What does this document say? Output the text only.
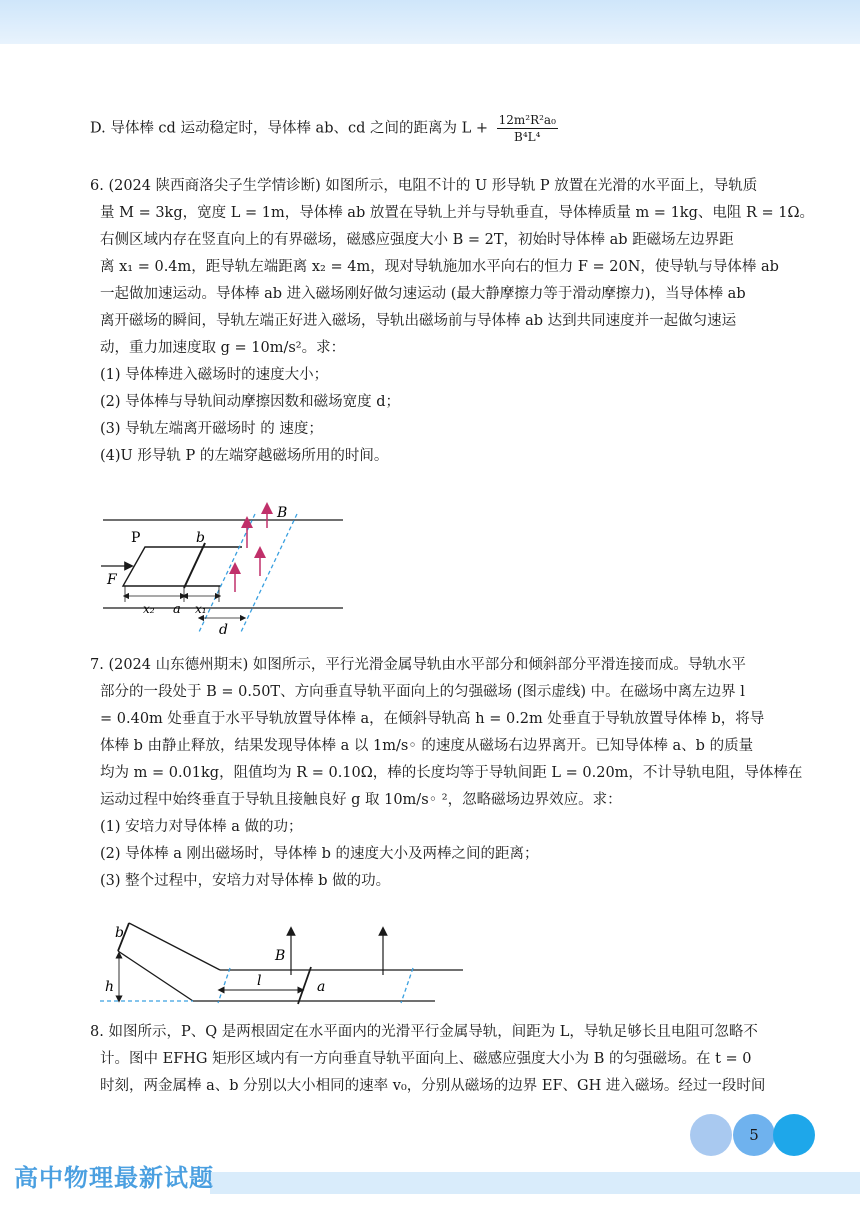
D. 导体棒 cd 运动稳定时，导体棒 ab、cd 之间的距离为 $L + \frac{\text{12m²R²a₀}}{\text{B⁴L⁴}}$
6. (2024 陕西商洛尖子生学情诊断) 如图所示，电阻不计的 U 形导轨 P 放置在光滑的水平面上，导轨质
量 M = 3kg，宽度 L = 1m，导体棒 ab 放置在导轨上并与导轨垂直，导体棒质量 m = 1kg、电阻 R = 1Ω。
右侧区域内存在竖直向上的有界磁场，磁感应强度大小 B = 2T，初始时导体棒 ab 距磁场左边界距
离 x₁ = 0.4m，距导轨左端距离 x₂ = 4m，现对导轨施加水平向右的恒力 F = 20N，使导轨与导体棒 ab
一起做加速运动。导体棒 ab 进入磁场刚好做匀速运动 (最大静摩擦力等于滑动摩擦力)，当导体棒 ab
离开磁场的瞬间，导轨左端正好进入磁场，导轨出磁场前与导体棒 ab 达到共同速度并一起做匀速运
动，重力加速度取 g = 10m/s²。求：
(1) 导体棒进入磁场时的速度大小；
(2) 导体棒与导轨间动摩擦因数和磁场宽度 d；
(3) 导轨左端离开磁场时 的 速度；
(4)U 形导轨 P 的左端穿越磁场所用的时间。
P	b
B
F
x₂ a x₁
d
7. (2024 山东德州期末) 如图所示，平行光滑金属导轨由水平部分和倾斜部分平滑连接而成。导轨水平
部分的一段处于 B = 0.50T、方向垂直导轨平面向上的匀强磁场 (图示虚线) 中。在磁场中离左边界 l
= 0.40m 处垂直于水平导轨放置导体棒 a，在倾斜导轨高 h = 0.2m 处垂直于导轨放置导体棒 b，将导
体棒 b 由静止释放，结果发现导体棒 a 以 1m/s◦ 的速度从磁场右边界离开。已知导体棒 a、b 的质量
均为 m = 0.01kg，阻值均为 R = 0.10Ω，棒的长度均等于导轨间距 L = 0.20m，不计导轨电阻，导体棒在
运动过程中始终垂直于导轨且接触良好 g 取 10m/s◦ ²，忽略磁场边界效应。求：
(1) 安培力对导体棒 a 做的功；
(2) 导体棒 a 刚出磁场时，导体棒 b 的速度大小及两棒之间的距离；
(3) 整个过程中，安培力对导体棒 b 做的功。
b
h
B
l	a
8. 如图所示，P、Q 是两根固定在水平面内的光滑平行金属导轨，间距为 L，导轨足够长且电阻可忽略不
计。图中 EFHG 矩形区域内有一方向垂直导轨平面向上、磁感应强度大小为 B 的匀强磁场。在 t = 0
时刻，两金属棒 a、b 分别以大小相同的速率 v₀，分别从磁场的边界 EF、GH 进入磁场。经过一段时间
5
高中物理最新试题
